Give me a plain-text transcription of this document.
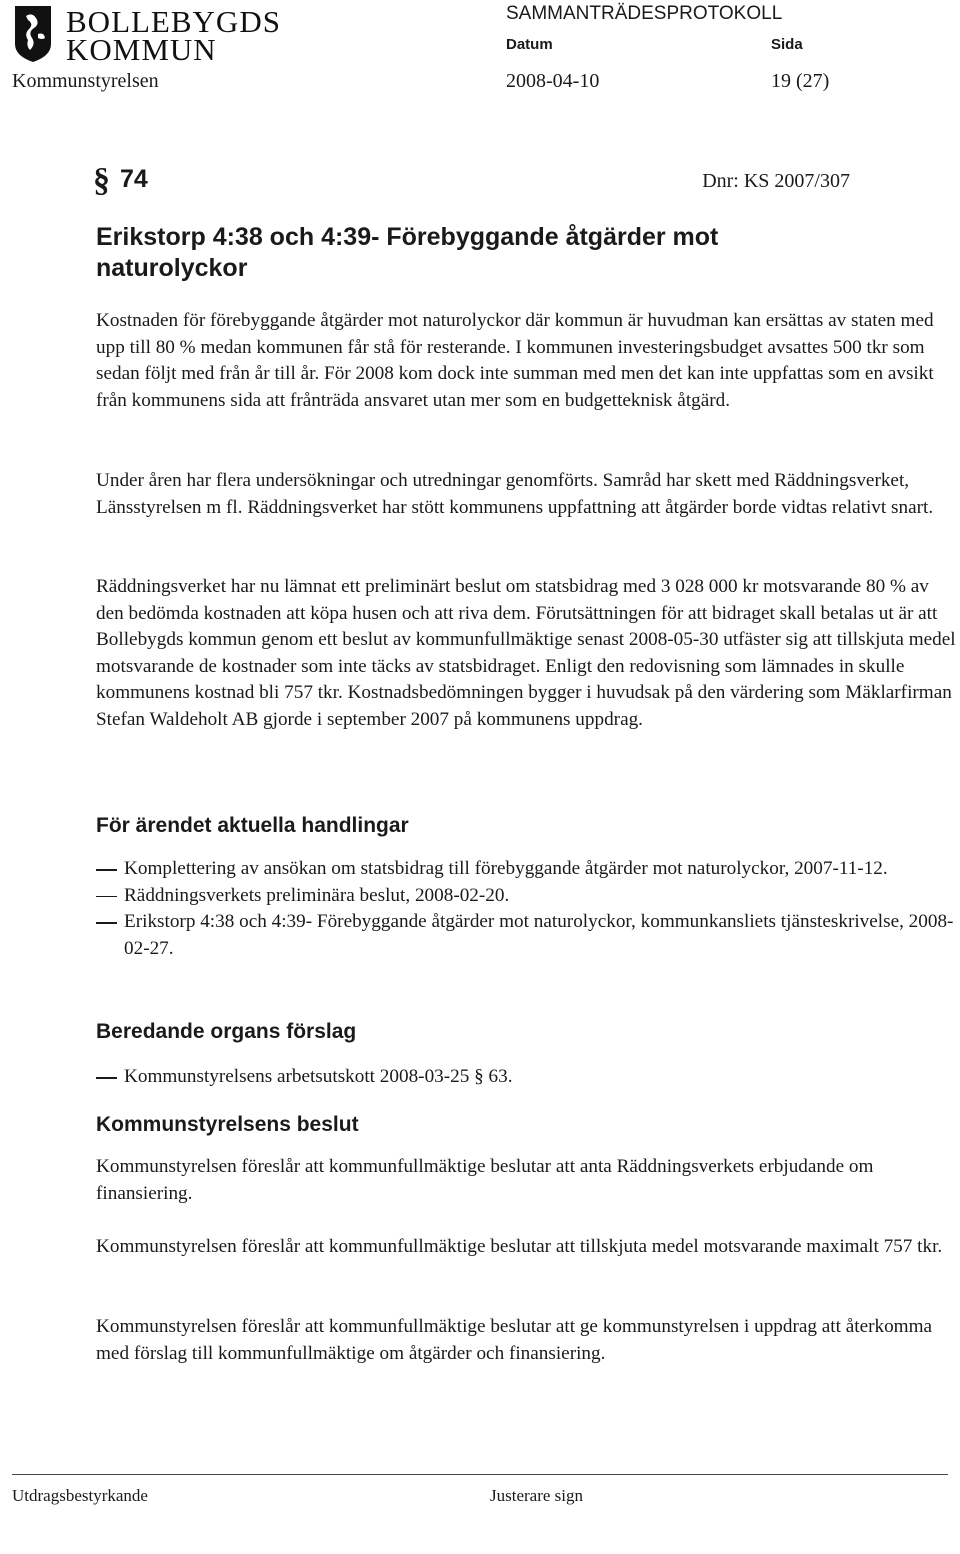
BOLLEBYGDS
KOMMUN
SAMMANTRÄDESPROTOKOLL
Datum	Sida
Kommunstyrelsen	2008-04-10	19 (27)
§ 74	Dnr: KS 2007/307
Erikstorp 4:38 och 4:39- Förebyggande åtgärder mot naturolyckor
Kostnaden för förebyggande åtgärder mot naturolyckor där kommun är huvudman kan ersättas av staten med upp till 80 % medan kommunen får stå för resterande. I kommunen investeringsbudget avsattes 500 tkr som sedan följt med från år till år. För 2008 kom dock inte summan med men det kan inte uppfattas som en avsikt från kommunens sida att frånträda ansvaret utan mer som en budgetteknisk åtgärd.
Under åren har flera undersökningar och utredningar genomförts. Samråd har skett med Räddningsverket, Länsstyrelsen m fl. Räddningsverket har stött kommunens uppfattning att åtgärder borde vidtas relativt snart.
Räddningsverket har nu lämnat ett preliminärt beslut om statsbidrag med 3 028 000 kr motsvarande 80 % av den bedömda kostnaden att köpa husen och att riva dem. Förutsättningen för att bidraget skall betalas ut är att Bollebygds kommun genom ett beslut av kommunfullmäktige senast 2008-05-30 utfäster sig att tillskjuta medel motsvarande de kostnader som inte täcks av statsbidraget. Enligt den redovisning som lämnades in skulle kommunens kostnad bli 757 tkr. Kostnadsbedömningen bygger i huvudsak på den värdering som Mäklarfirman Stefan Waldeholt AB gjorde i september 2007 på kommunens uppdrag.
För ärendet aktuella handlingar
Komplettering av ansökan om statsbidrag till förebyggande åtgärder mot naturolyckor, 2007-11-12.
Räddningsverkets preliminära beslut, 2008-02-20.
Erikstorp 4:38 och 4:39- Förebyggande åtgärder mot naturolyckor, kommunkansliets tjänsteskrivelse, 2008-02-27.
Beredande organs förslag
Kommunstyrelsens arbetsutskott 2008-03-25 § 63.
Kommunstyrelsens beslut
Kommunstyrelsen föreslår att kommunfullmäktige beslutar att anta Räddningsverkets erbjudande om finansiering.
Kommunstyrelsen föreslår att kommunfullmäktige beslutar att tillskjuta medel motsvarande maximalt 757 tkr.
Kommunstyrelsen föreslår att kommunfullmäktige beslutar att ge kommunstyrelsen i uppdrag att återkomma med förslag till kommunfullmäktige om åtgärder och finansiering.
Utdragsbestyrkande	Justerare sign
